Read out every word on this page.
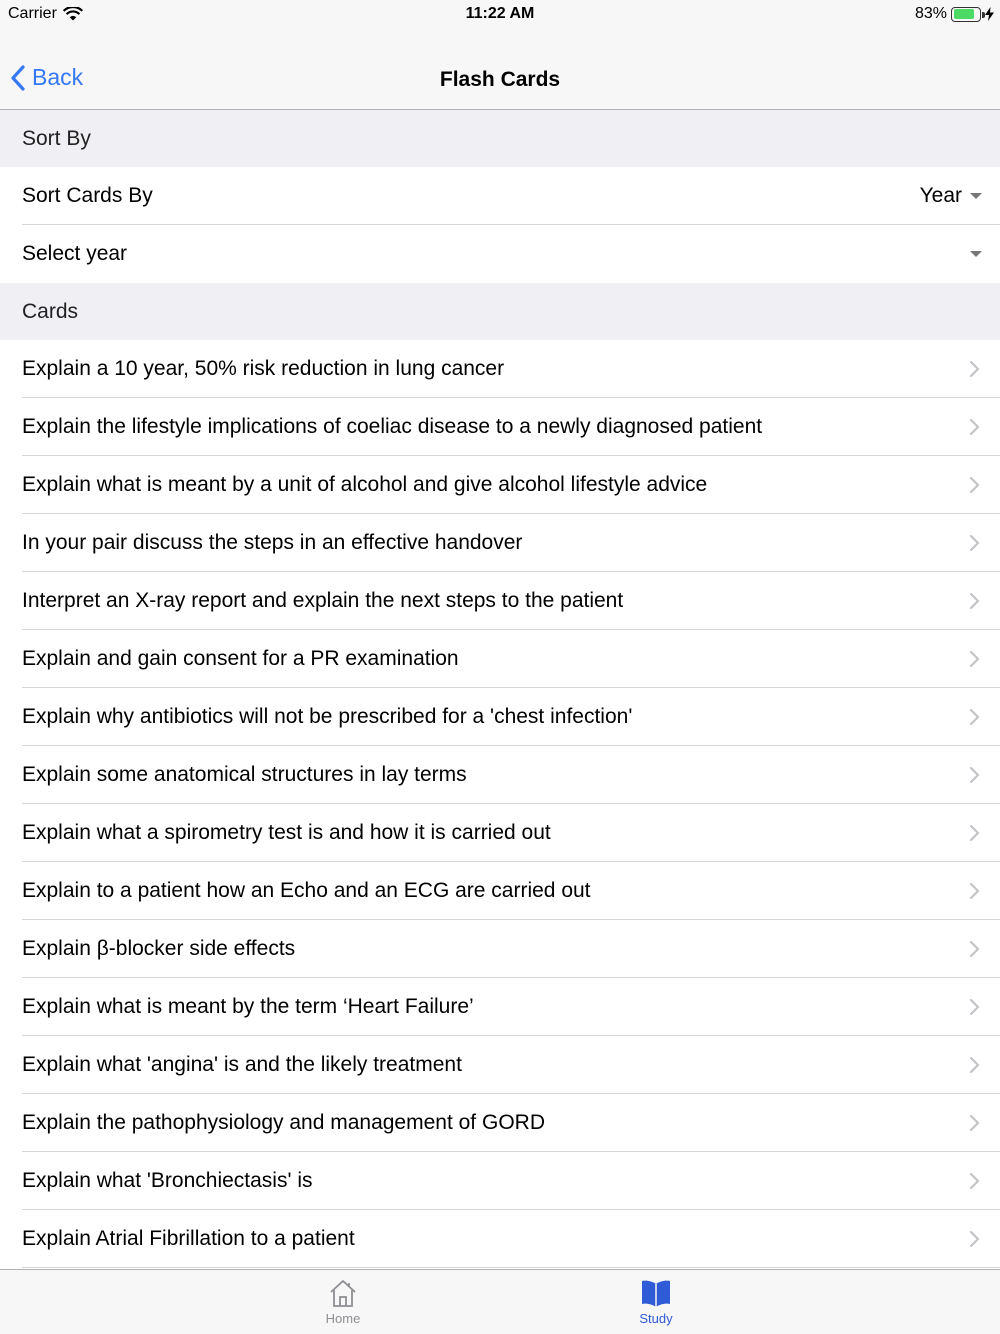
Carrier	11:22 AM	83%
Back	Flash Cards
Sort By
Sort Cards By	Year
Select year
Cards
Explain a 10 year, 50% risk reduction in lung cancer
Explain the lifestyle implications of coeliac disease to a newly diagnosed patient
Explain what is meant by a unit of alcohol and give alcohol lifestyle advice
In your pair discuss the steps in an effective handover
Interpret an X-ray report and explain the next steps to the patient
Explain and gain consent for a PR examination
Explain why antibiotics will not be prescribed for a 'chest infection'
Explain some anatomical structures in lay terms
Explain what a spirometry test is and how it is carried out
Explain to a patient how an Echo and an ECG are carried out
Explain β-blocker side effects
Explain what is meant by the term ‘Heart Failure’
Explain what 'angina' is and the likely treatment
Explain the pathophysiology and management of GORD
Explain what 'Bronchiectasis' is
Explain Atrial Fibrillation to a patient
Home	Study
